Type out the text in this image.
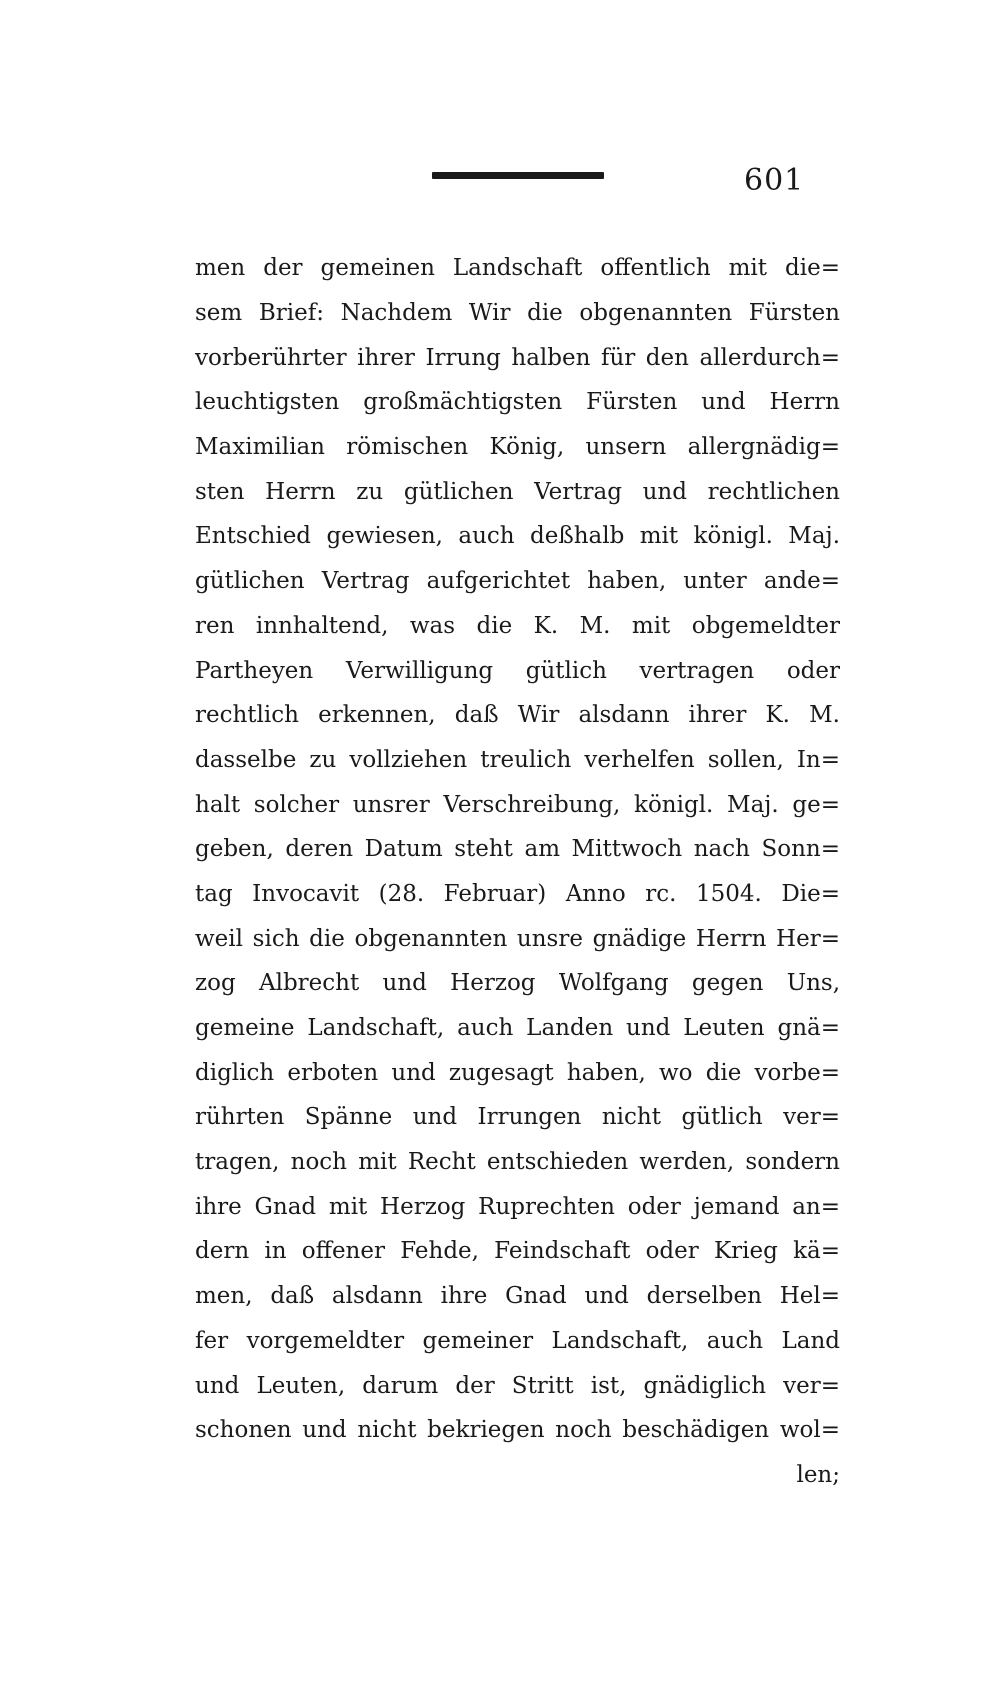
601
men der gemeinen Landschaft offentlich mit die=
sem Brief: Nachdem Wir die obgenannten Fürsten
vorberührter ihrer Irrung halben für den allerdurch=
leuchtigsten großmächtigsten Fürsten und Herrn
Maximilian römischen König, unsern allergnädig=
sten Herrn zu gütlichen Vertrag und rechtlichen
Entschied gewiesen, auch deßhalb mit königl. Maj.
gütlichen Vertrag aufgerichtet haben, unter ande=
ren innhaltend, was die K. M. mit obgemeldter
Partheyen Verwilligung gütlich vertragen oder
rechtlich erkennen, daß Wir alsdann ihrer K. M.
dasselbe zu vollziehen treulich verhelfen sollen, In=
halt solcher unsrer Verschreibung, königl. Maj. ge=
geben, deren Datum steht am Mittwoch nach Sonn=
tag Invocavit (28. Februar) Anno rc. 1504. Die=
weil sich die obgenannten unsre gnädige Herrn Her=
zog Albrecht und Herzog Wolfgang gegen Uns,
gemeine Landschaft, auch Landen und Leuten gnä=
diglich erboten und zugesagt haben, wo die vorbe=
rührten Spänne und Irrungen nicht gütlich ver=
tragen, noch mit Recht entschieden werden, sondern
ihre Gnad mit Herzog Ruprechten oder jemand an=
dern in offener Fehde, Feindschaft oder Krieg kä=
men, daß alsdann ihre Gnad und derselben Hel=
fer vorgemeldter gemeiner Landschaft, auch Land
und Leuten, darum der Stritt ist, gnädiglich ver=
schonen und nicht bekriegen noch beschädigen wol=
len;
